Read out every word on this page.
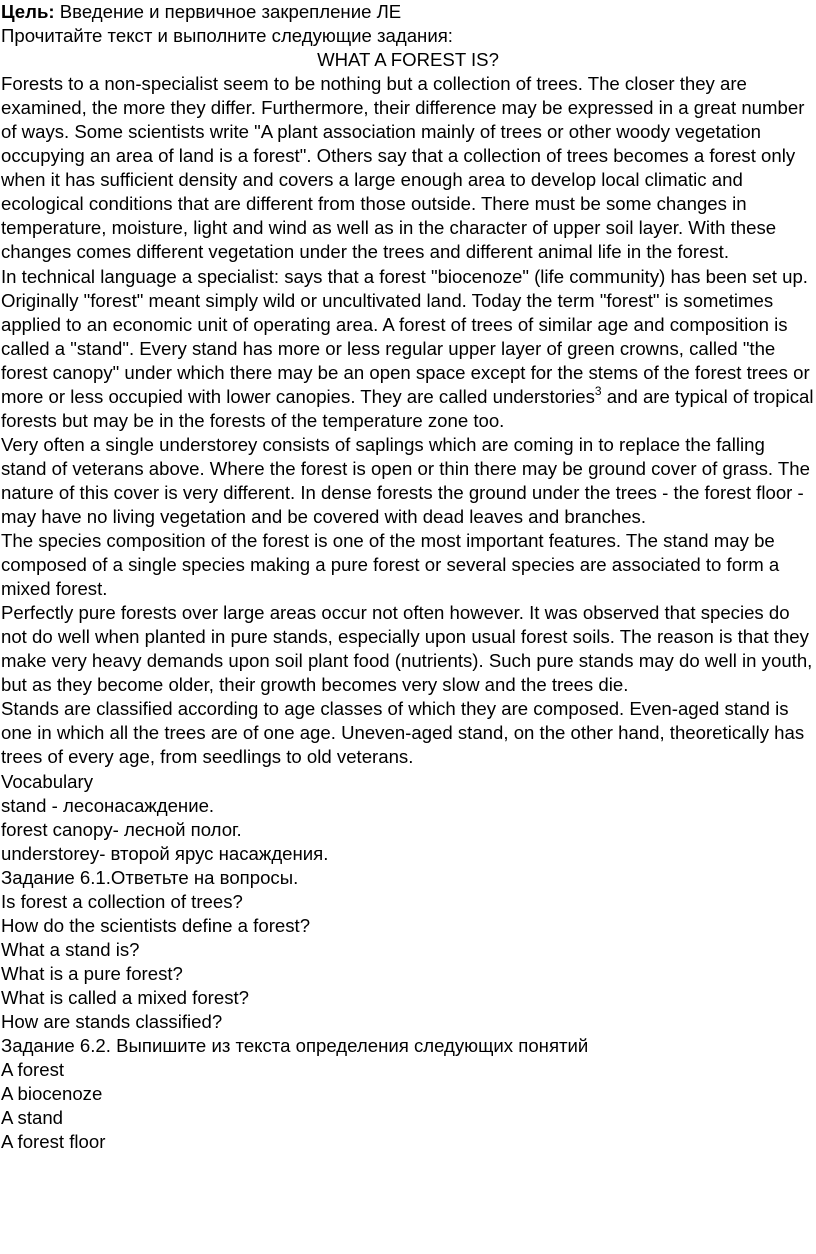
Цель: Введение и первичное закрепление ЛЕ
Прочитайте текст и выполните следующие задания:
WHAT A FOREST IS?

Forests to a non-specialist seem to be nothing but a collection of trees. The closer they are examined, the more they differ. Furthermore, their difference may be expressed in a great number of ways. Some scientists write "A plant association mainly of trees or other woody vegetation occupying an area of land is a forest". Others say that a collection of trees becomes a forest only when it has sufficient density and covers a large enough area to develop local climatic and ecological conditions that are different from those outside. There must be some changes in temperature, moisture, light and wind as well as in the character of upper soil layer. With these changes comes different vegetation under the trees and different animal life in the forest.

In technical language a specialist: says that a forest "biocenoze" (life community) has been set up. Originally "forest" meant simply wild or uncultivated land. Today the term "forest" is sometimes applied to an economic unit of operating area. A forest of trees of similar age and composition is called a "stand". Every stand has more or less regular upper layer of green crowns, called "the forest canopy" under which there may be an open space except for the stems of the forest trees or more or less occupied with lower canopies. They are called understories$^3$ and are typical of tropical forests but may be in the forests of the temperature zone too.

Very often a single understorey consists of saplings which are coming in to replace the falling stand of veterans above. Where the forest is open or thin there may be ground cover of grass. The nature of this cover is very different. In dense forests the ground under the trees - the forest floor - may have no living vegetation and be covered with dead leaves and branches.

The species composition of the forest is one of the most important features. The stand may be composed of a single species making a pure forest or several species are associated to form a mixed forest.

Perfectly pure forests over large areas occur not often however. It was observed that species do not do well when planted in pure stands, especially upon usual forest soils. The reason is that they make very heavy demands upon soil plant food (nutrients). Such pure stands may do well in youth, but as they become older, their growth becomes very slow and the trees die.

Stands are classified according to age classes of which they are composed. Even-aged stand is one in which all the trees are of one age. Uneven-aged stand, on the other hand, theoretically has trees of every age, from seedlings to old veterans.

Vocabulary
stand - лесонасаждение.
forest canopy- лесной полог.
understorey- второй ярус насаждения.
Задание 6.1.Ответьте на вопросы.
Is forest a collection of trees?
How do the scientists define a forest?
What a stand is?
What is a pure forest?
What is called a mixed forest?
How are stands classified?
Задание 6.2. Выпишите из текста определения следующих понятий
A forest
A biocenoze
A stand
A forest floor
